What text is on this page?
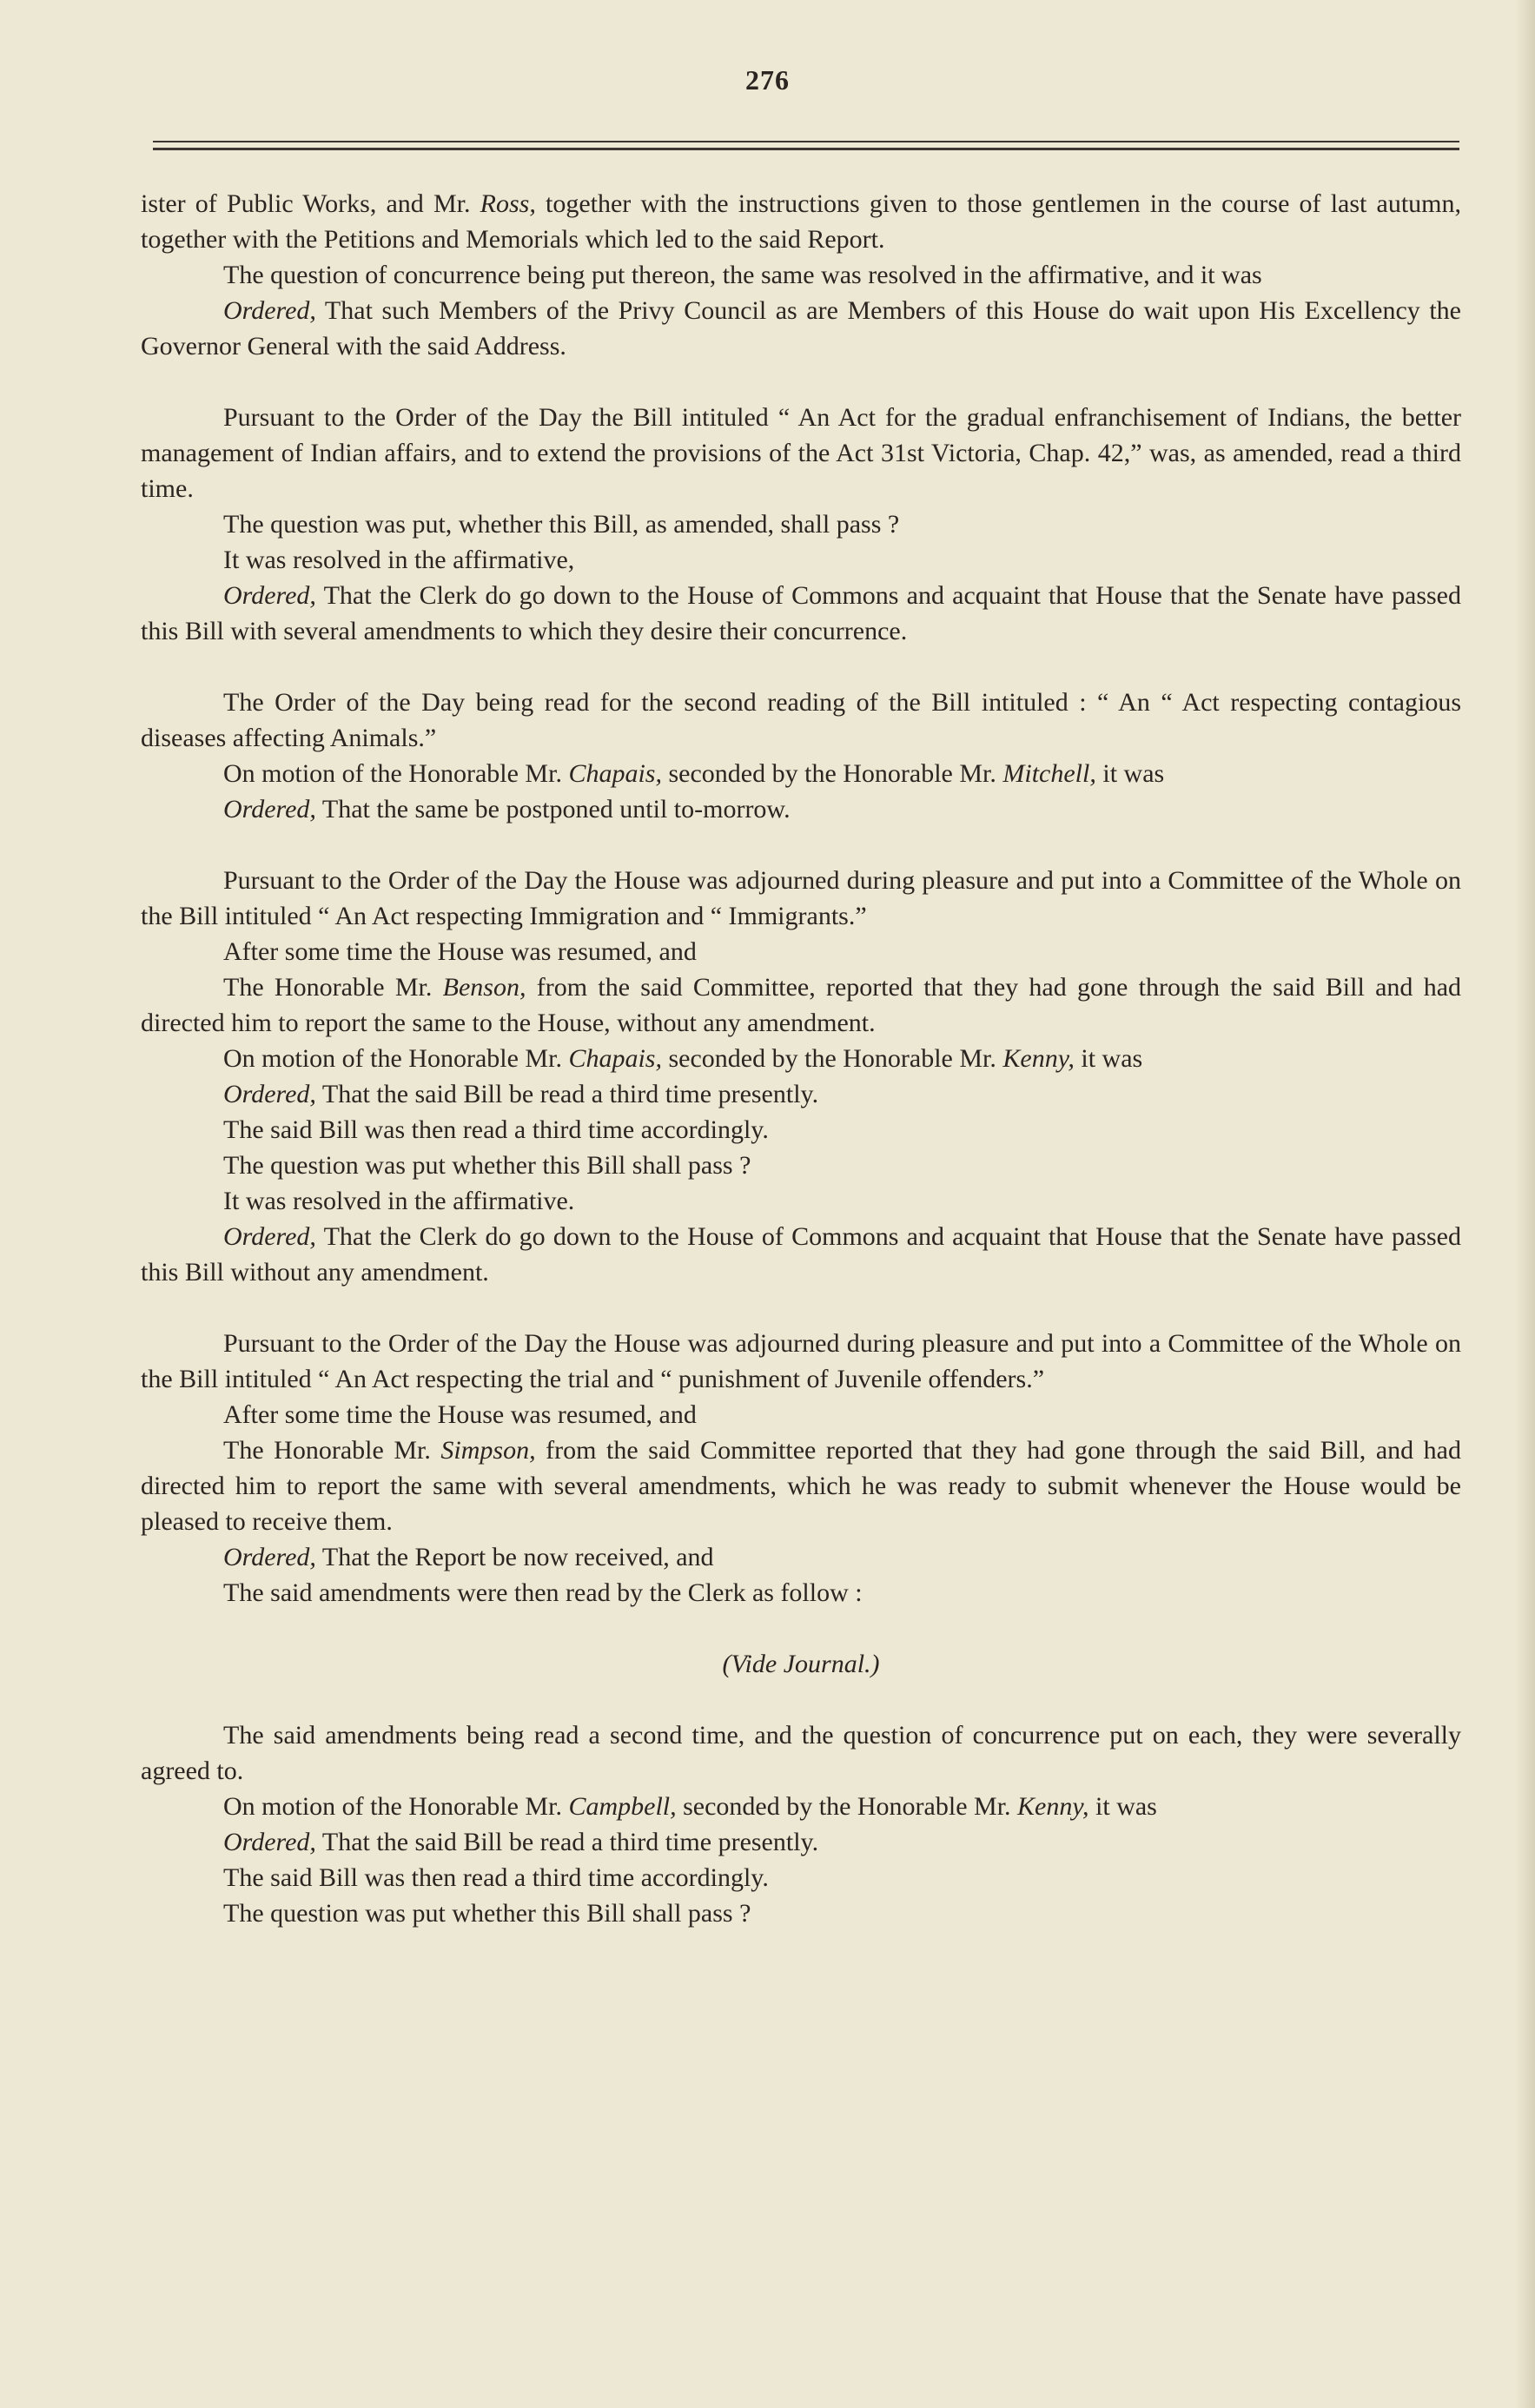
276

ister of Public Works, and Mr. Ross, together with the instructions given to those gentlemen in the course of last autumn, together with the Petitions and Memorials which led to the said Report.

The question of concurrence being put thereon, the same was resolved in the affirmative, and it was

Ordered, That such Members of the Privy Council as are Members of this House do wait upon His Excellency the Governor General with the said Address.

Pursuant to the Order of the Day the Bill intituled “ An Act for the gradual enfranchisement of Indians, the better management of Indian affairs, and to extend the provisions of the Act 31st Victoria, Chap. 42,” was, as amended, read a third time.

The question was put, whether this Bill, as amended, shall pass ?

It was resolved in the affirmative,

Ordered, That the Clerk do go down to the House of Commons and acquaint that House that the Senate have passed this Bill with several amendments to which they desire their concurrence.

The Order of the Day being read for the second reading of the Bill intituled : “ An “ Act respecting contagious diseases affecting Animals.”

On motion of the Honorable Mr. Chapais, seconded by the Honorable Mr. Mitchell, it was

Ordered, That the same be postponed until to-morrow.

Pursuant to the Order of the Day the House was adjourned during pleasure and put into a Committee of the Whole on the Bill intituled “ An Act respecting Immigration and “ Immigrants.”

After some time the House was resumed, and

The Honorable Mr. Benson, from the said Committee, reported that they had gone through the said Bill and had directed him to report the same to the House, without any amendment.

On motion of the Honorable Mr. Chapais, seconded by the Honorable Mr. Kenny, it was

Ordered, That the said Bill be read a third time presently.

The said Bill was then read a third time accordingly.

The question was put whether this Bill shall pass ?

It was resolved in the affirmative.

Ordered, That the Clerk do go down to the House of Commons and acquaint that House that the Senate have passed this Bill without any amendment.

Pursuant to the Order of the Day the House was adjourned during pleasure and put into a Committee of the Whole on the Bill intituled “ An Act respecting the trial and “ punishment of Juvenile offenders.”

After some time the House was resumed, and

The Honorable Mr. Simpson, from the said Committee reported that they had gone through the said Bill, and had directed him to report the same with several amendments, which he was ready to submit whenever the House would be pleased to receive them.

Ordered, That the Report be now received, and

The said amendments were then read by the Clerk as follow :

(Vide Journal.)

The said amendments being read a second time, and the question of concurrence put on each, they were severally agreed to.

On motion of the Honorable Mr. Campbell, seconded by the Honorable Mr. Kenny, it was

Ordered, That the said Bill be read a third time presently.

The said Bill was then read a third time accordingly.

The question was put whether this Bill shall pass ?
